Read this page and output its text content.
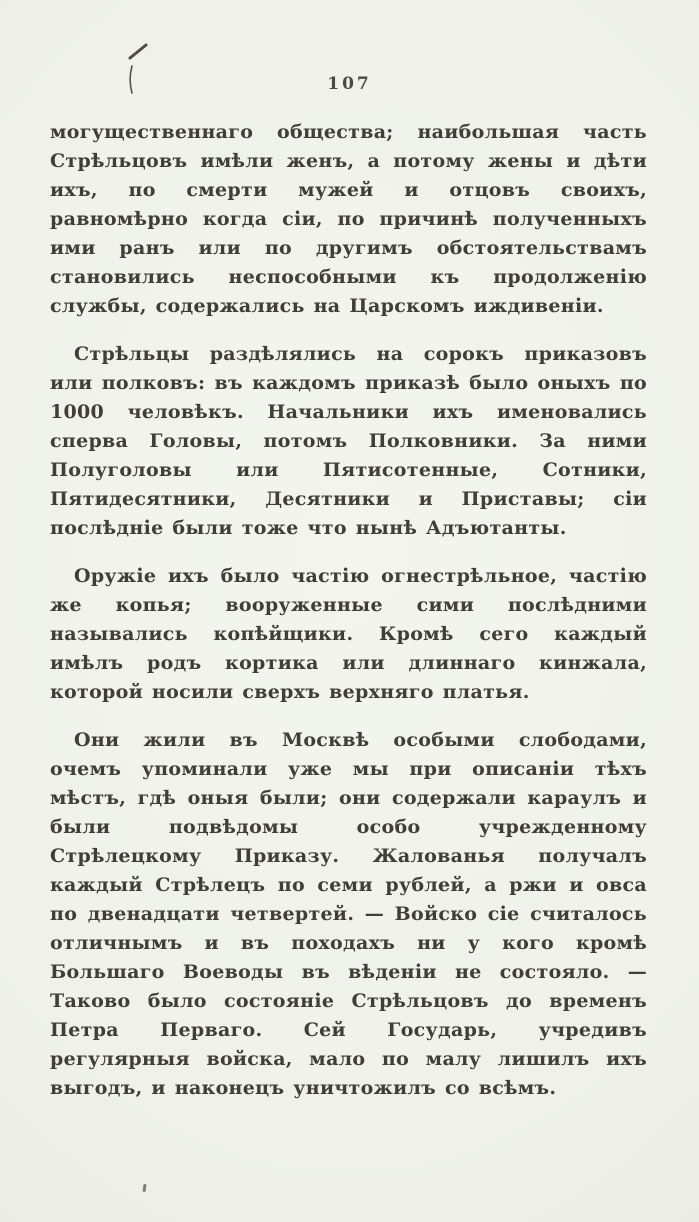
107

могущественнаго общества; наибольшая часть Стрѣльцовъ имѣли женъ, а потому жены и дѣти ихъ, по смерти мужей и отцовъ своихъ, равномѣрно когда сіи, по причинѣ полученныхъ ими ранъ или по другимъ обстоятельствамъ становились неспособными къ продолженію службы, содержались на Царскомъ иждивеніи.

Стрѣльцы раздѣлялись на сорокъ приказовъ или полковъ: въ каждомъ приказѣ было оныхъ по 1000 человѣкъ. Начальники ихъ именовались сперва Головы, потомъ Полковники. За ними Полуголовы или Пятисотенные, Сотники, Пятидесятники, Десятники и Приставы; сіи послѣдніе были тоже что нынѣ Адъютанты.

Оружіе ихъ было частію огнестрѣльное, частію же копья; вооруженные сими послѣдними назывались копѣйщики. Кромѣ сего каждый имѣлъ родъ кортика или длиннаго кинжала, которой носили сверхъ верхняго платья.

Они жили въ Москвѣ особыми слободами, очемъ упоминали уже мы при описаніи тѣхъ мѣстъ, гдѣ оныя были; они содержали караулъ и были подвѣдомы особо учрежденному Стрѣлецкому Приказу. Жалованья получалъ каждый Стрѣлецъ по семи рублей, а ржи и овса по двенадцати четвертей. — Войско сіе считалось отличнымъ и въ походахъ ни у кого кромѣ Большаго Воеводы въ вѣденіи не состояло. — Таково было состояніе Стрѣльцовъ до временъ Петра Перваго. Сей Государь, учредивъ регулярныя войска, мало по малу лишилъ ихъ выгодъ, и наконецъ уничтожилъ со всѣмъ.
